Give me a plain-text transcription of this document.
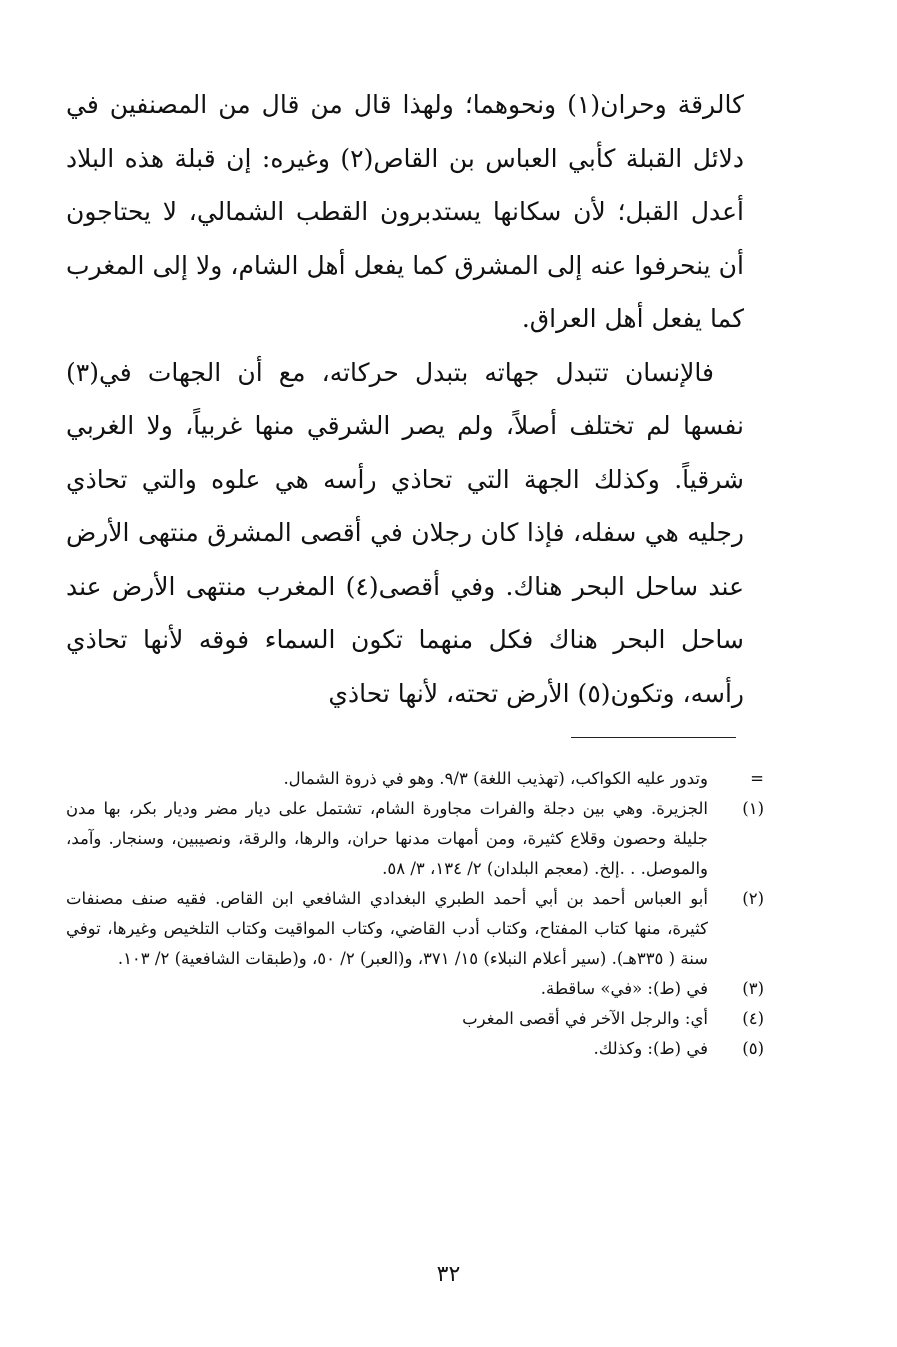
كالرقة وحران(١) ونحوهما؛ ولهذا قال من قال من المصنفين في دلائل القبلة كأبي العباس بن القاص(٢) وغيره: إن قبلة هذه البلاد أعدل القبل؛ لأن سكانها يستدبرون القطب الشمالي، لا يحتاجون أن ينحرفوا عنه إلى المشرق كما يفعل أهل الشام، ولا إلى المغرب كما يفعل أهل العراق.

فالإنسان تتبدل جهاته بتبدل حركاته، مع أن الجهات في(٣) نفسها لم تختلف أصلاً، ولم يصر الشرقي منها غربياً، ولا الغربي شرقياً. وكذلك الجهة التي تحاذي رأسه هي علوه والتي تحاذي رجليه هي سفله، فإذا كان رجلان في أقصى المشرق منتهى الأرض عند ساحل البحر هناك. وفي أقصى(٤) المغرب منتهى الأرض عند ساحل البحر هناك فكل منهما تكون السماء فوقه لأنها تحاذي رأسه، وتكون(٥) الأرض تحته، لأنها تحاذي

=
وتدور عليه الكواكب، (تهذيب اللغة) ٩/٣. وهو في ذروة الشمال.
(١)
الجزيرة. وهي بين دجلة والفرات مجاورة الشام، تشتمل على ديار مضر وديار بكر، بها مدن جليلة وحصون وقلاع كثيرة، ومن أمهات مدنها حران، والرها، والرقة، ونصيبين، وسنجار. وآمد، والموصل. . .إلخ. (معجم البلدان) ٢/ ١٣٤، ٣/ ٥٨.
(٢)
أبو العباس أحمد بن أبي أحمد الطبري البغدادي الشافعي ابن القاص. فقيه صنف مصنفات كثيرة، منها كتاب المفتاح، وكتاب أدب القاضي، وكتاب المواقيت وكتاب التلخيص وغيرها، توفي سنة ( ٣٣٥هـ). (سير أعلام النبلاء) ١٥/ ٣٧١، و(العبر) ٢/ ٥٠، و(طبقات الشافعية) ٢/ ١٠٣.
(٣)
في (ط): «في» ساقطة.
(٤)
أي: والرجل الآخر في أقصى المغرب
(٥)
في (ط): وكذلك.
٣٢
